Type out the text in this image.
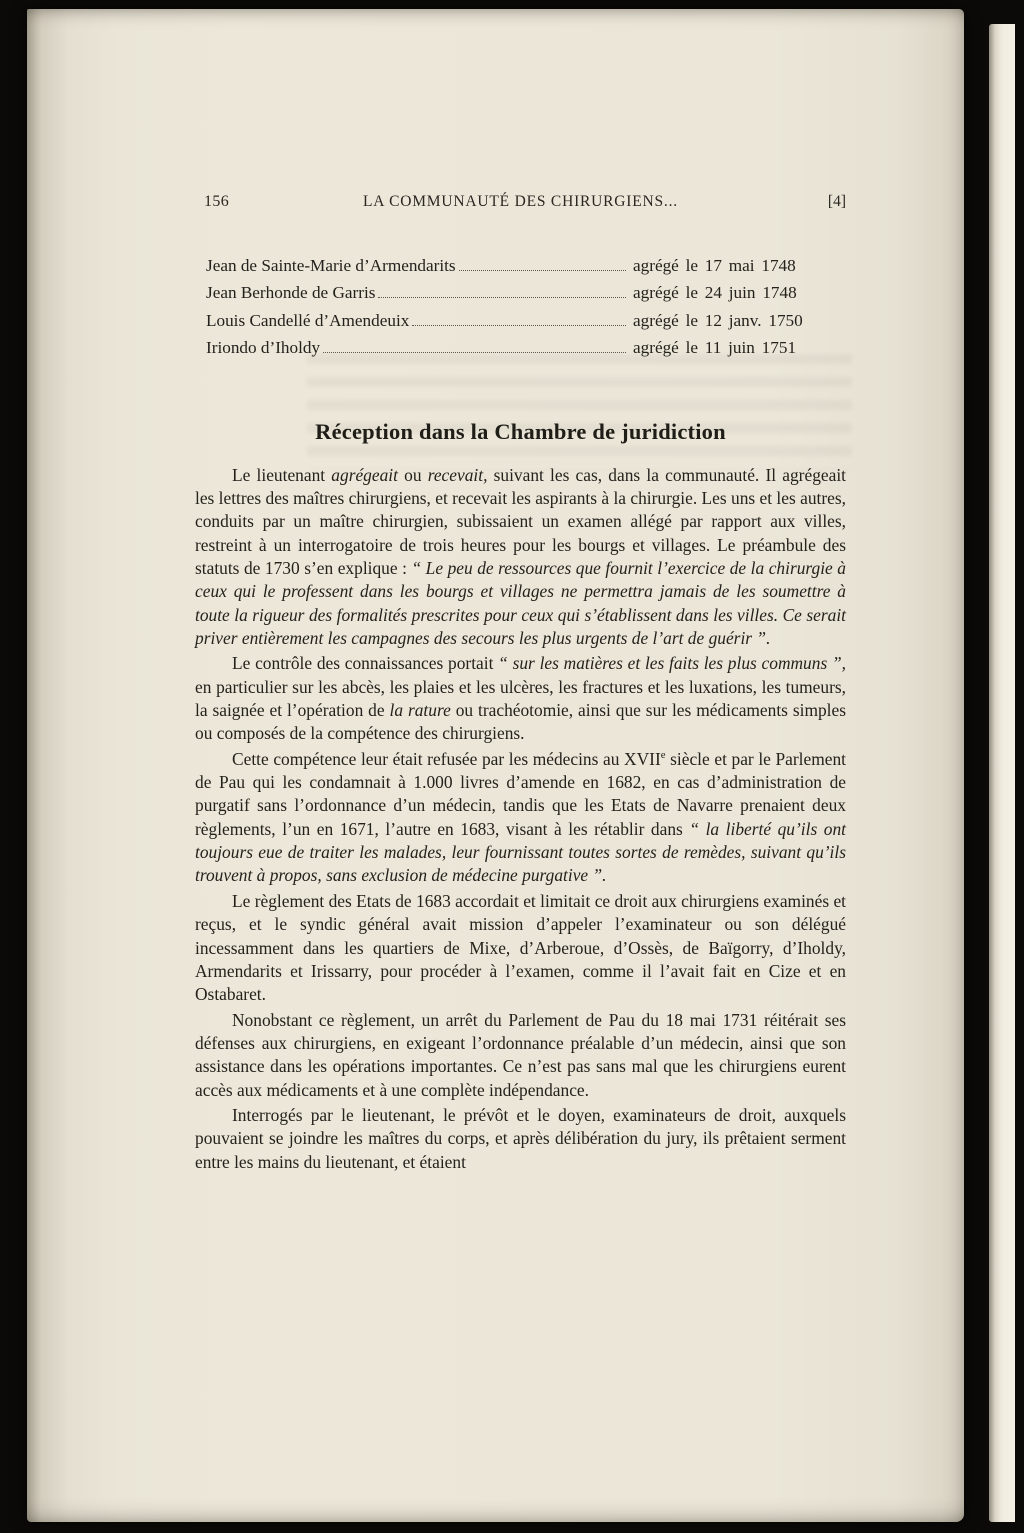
156	LA COMMUNAUTÉ DES CHIRURGIENS...	[4]
Jean de Sainte-Marie d’Armendarits	agrégé le 17 mai 1748
Jean Berhonde de Garris	agrégé le 24 juin 1748
Louis Candellé d’Amendeuix	agrégé le 12 janv. 1750
Iriondo d’Iholdy	agrégé le 11 juin 1751
Réception dans la Chambre de juridiction

Le lieutenant agrégeait ou recevait, suivant les cas, dans la communauté. Il agrégeait les lettres des maîtres chirurgiens, et recevait les aspirants à la chirurgie. Les uns et les autres, conduits par un maître chirurgien, subissaient un examen allégé par rapport aux villes, restreint à un interrogatoire de trois heures pour les bourgs et villages. Le préambule des statuts de 1730 s’en explique : “ Le peu de ressources que fournit l’exercice de la chirurgie à ceux qui le professent dans les bourgs et villages ne permettra jamais de les soumettre à toute la rigueur des formalités prescrites pour ceux qui s’établissent dans les villes. Ce serait priver entièrement les campagnes des secours les plus urgents de l’art de guérir ”.

Le contrôle des connaissances portait “ sur les matières et les faits les plus communs ”, en particulier sur les abcès, les plaies et les ulcères, les fractures et les luxations, les tumeurs, la saignée et l’opération de la rature ou trachéotomie, ainsi que sur les médicaments simples ou composés de la compétence des chirurgiens.

Cette compétence leur était refusée par les médecins au XVIIe siècle et par le Parlement de Pau qui les condamnait à 1.000 livres d’amende en 1682, en cas d’administration de purgatif sans l’ordonnance d’un médecin, tandis que les Etats de Navarre prenaient deux règlements, l’un en 1671, l’autre en 1683, visant à les rétablir dans “ la liberté qu’ils ont toujours eue de traiter les malades, leur fournissant toutes sortes de remèdes, suivant qu’ils trouvent à propos, sans exclusion de médecine purgative ”.

Le règlement des Etats de 1683 accordait et limitait ce droit aux chirurgiens examinés et reçus, et le syndic général avait mission d’appeler l’examinateur ou son délégué incessamment dans les quartiers de Mixe, d’Arberoue, d’Ossès, de Baïgorry, d’Iholdy, Armendarits et Irissarry, pour procéder à l’examen, comme il l’avait fait en Cize et en Ostabaret.

Nonobstant ce règlement, un arrêt du Parlement de Pau du 18 mai 1731 réitérait ses défenses aux chirurgiens, en exigeant l’ordonnance préalable d’un médecin, ainsi que son assistance dans les opérations importantes. Ce n’est pas sans mal que les chirurgiens eurent accès aux médicaments et à une complète indépendance.

Interrogés par le lieutenant, le prévôt et le doyen, examinateurs de droit, auxquels pouvaient se joindre les maîtres du corps, et après délibération du jury, ils prêtaient serment entre les mains du lieutenant, et étaient
